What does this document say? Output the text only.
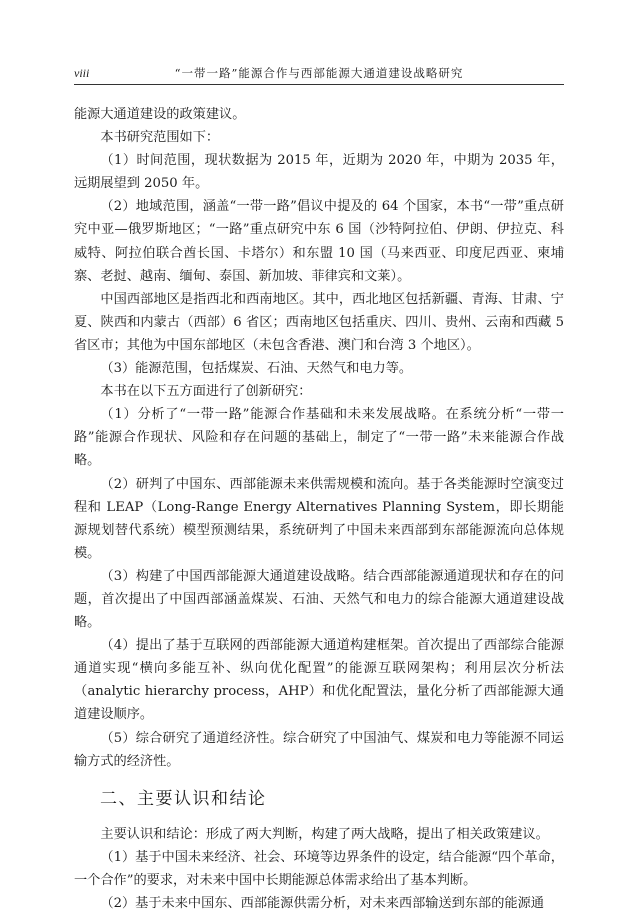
viii	“一带一路”能源合作与西部能源大通道建设战略研究

能源大通道建设的政策建议。

本书研究范围如下：

（1）时间范围，现状数据为 2015 年，近期为 2020 年，中期为 2035 年，远期展望到 2050 年。

（2）地域范围，涵盖“一带一路”倡议中提及的 64 个国家，本书“一带”重点研究中亚—俄罗斯地区；“一路”重点研究中东 6 国（沙特阿拉伯、伊朗、伊拉克、科威特、阿拉伯联合酋长国、卡塔尔）和东盟 10 国（马来西亚、印度尼西亚、柬埔寨、老挝、越南、缅甸、泰国、新加坡、菲律宾和文莱）。

中国西部地区是指西北和西南地区。其中，西北地区包括新疆、青海、甘肃、宁夏、陕西和内蒙古（西部）6 省区；西南地区包括重庆、四川、贵州、云南和西藏 5 省区市；其他为中国东部地区（未包含香港、澳门和台湾 3 个地区）。

（3）能源范围，包括煤炭、石油、天然气和电力等。

本书在以下五方面进行了创新研究：

（1）分析了“一带一路”能源合作基础和未来发展战略。在系统分析“一带一路”能源合作现状、风险和存在问题的基础上，制定了“一带一路”未来能源合作战略。

（2）研判了中国东、西部能源未来供需规模和流向。基于各类能源时空演变过程和 LEAP（Long-Range Energy Alternatives Planning System，即长期能源规划替代系统）模型预测结果，系统研判了中国未来西部到东部能源流向总体规模。

（3）构建了中国西部能源大通道建设战略。结合西部能源通道现状和存在的问题，首次提出了中国西部涵盖煤炭、石油、天然气和电力的综合能源大通道建设战略。

（4）提出了基于互联网的西部能源大通道构建框架。首次提出了西部综合能源通道实现“横向多能互补、纵向优化配置”的能源互联网架构；利用层次分析法（analytic hierarchy process，AHP）和优化配置法，量化分析了西部能源大通道建设顺序。

（5）综合研究了通道经济性。综合研究了中国油气、煤炭和电力等能源不同运输方式的经济性。

二、主要认识和结论

主要认识和结论：形成了两大判断，构建了两大战略，提出了相关政策建议。

（1）基于中国未来经济、社会、环境等边界条件的设定，结合能源“四个革命，一个合作”的要求，对未来中国中长期能源总体需求给出了基本判断。

（2）基于未来中国东、西部能源供需分析，对未来西部输送到东部的能源通
